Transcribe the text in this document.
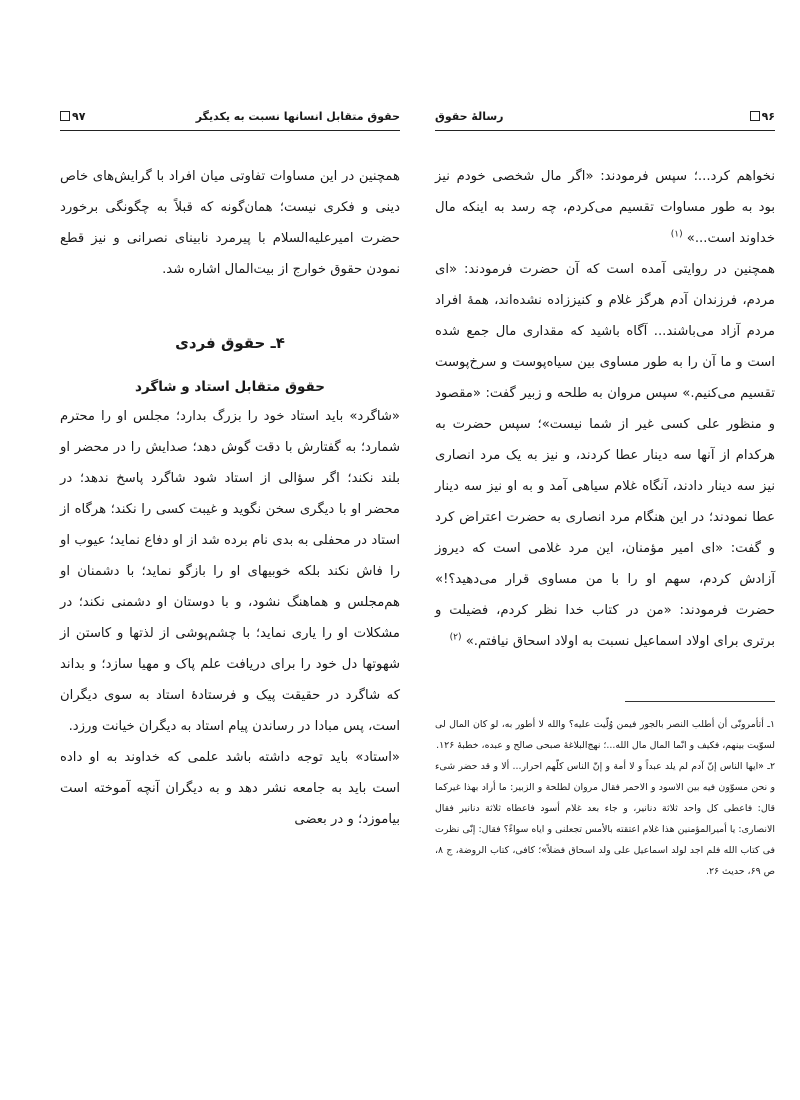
حقوق متقابل انسانها نسبت به یکدیگر
۹۷

همچنین در این مساوات تفاوتی میان افراد با گرایش‌های خاص دینی و فکری نیست؛ همان‌گونه که قبلاً به چگونگی برخورد حضرت امیرعلیه‌السلام با پیرمرد نابینای نصرانی و نیز قطع نمودن حقوق خوارج از بیت‌المال اشاره شد.

۴ـ حقوق فردی
حقوق متقابل استاد و شاگرد

«شاگرد» باید استاد خود را بزرگ بدارد؛ مجلس او را محترم شمارد؛ به گفتارش با دقت گوش دهد؛ صدایش را در محضر او بلند نکند؛ اگر سؤالی از استاد شود شاگرد پاسخ ندهد؛ در محضر او با دیگری سخن نگوید و غیبت کسی را نکند؛ هرگاه از استاد در محفلی به بدی نام برده شد از او دفاع نماید؛ عیوب او را فاش نکند بلکه خوبیهای او را بازگو نماید؛ با دشمنان او هم‌مجلس و هماهنگ نشود، و با دوستان او دشمنی نکند؛ در مشکلات او را یاری نماید؛ با چشم‌پوشی از لذتها و کاستن از شهوتها دل خود را برای دریافت علم پاک و مهیا سازد؛ و بداند که شاگرد در حقیقت پیک و فرستادهٔ استاد به سوی دیگران است، پس مبادا در رساندن پیام استاد به دیگران خیانت ورزد.

«استاد» باید توجه داشته باشد علمی که خداوند به او داده است باید به جامعه نشر دهد و به دیگران آنچه آموخته است بیاموزد؛ و در بعضی

۹۶
رسالهٔ حقوق

نخواهم کرد...؛ سپس فرمودند: «اگر مال شخصی خودم نیز بود به طور مساوات تقسیم می‌کردم، چه رسد به اینکه مال خداوند است...» $^{(۱)}$

همچنین در روایتی آمده است که آن حضرت فرمودند: «ای مردم، فرزندان آدم هرگز غلام و کنیززاده نشده‌اند، همهٔ افراد مردم آزاد می‌باشند... آگاه باشید که مقداری مال جمع شده است و ما آن را به طور مساوی بین سیاه‌پوست و سرخ‌پوست تقسیم می‌کنیم.» سپس مروان به طلحه و زبیر گفت: «مقصود و منظور علی کسی غیر از شما نیست»؛ سپس حضرت به هرکدام از آنها سه دینار عطا کردند، و نیز به یک مرد انصاری نیز سه دینار دادند، آنگاه غلام سیاهی آمد و به او نیز سه دینار عطا نمودند؛ در این هنگام مرد انصاری به حضرت اعتراض کرد و گفت: «ای امیر مؤمنان، این مرد غلامی است که دیروز آزادش کردم، سهم او را با من مساوی قرار می‌دهید؟!» حضرت فرمودند: «من در کتاب خدا نظر کردم، فضیلت و برتری برای اولاد اسماعیل نسبت به اولاد اسحاق نیافتم.» $^{(۲)}$

۱ـ أتأمرونّی أن أطلب النصر بالجور فیمن وُلّیت علیه؟ والله لا أطور به، لو کان المال لی لسوّیت بینهم، فکیف و انّما المال مال الله...؛ نهج‌البلاغهٔ صبحی صالح و عبده، خطبهٔ ۱۲۶.

۲ـ «ایها الناس إنّ آدم لم یلد عبداً و لا أمة و إنّ الناس کلّهم احرار... ألا و قد حضر شیء و نحن مسوّون فیه بین الاسود و الاحمر فقال مروان لطلحة و الزبیر: ما أراد بهذا غیرکما قال: فاعطی کل واحد ثلاثة دنانیر، و جاء بعد غلام أسود فاعطاه ثلاثة دنانیر فقال الانصاری: یا أمیرالمؤمنین هذا غلام اعتقته بالأمس تجعلنی و ایاه سواءً؟ فقال: إنّی نظرت فی کتاب الله فلم اجد لولد اسماعیل علی ولد اسحاق فضلاً»؛ کافی، کتاب الروضة، ج ۸، ص ۶۹، حدیث ۲۶.
